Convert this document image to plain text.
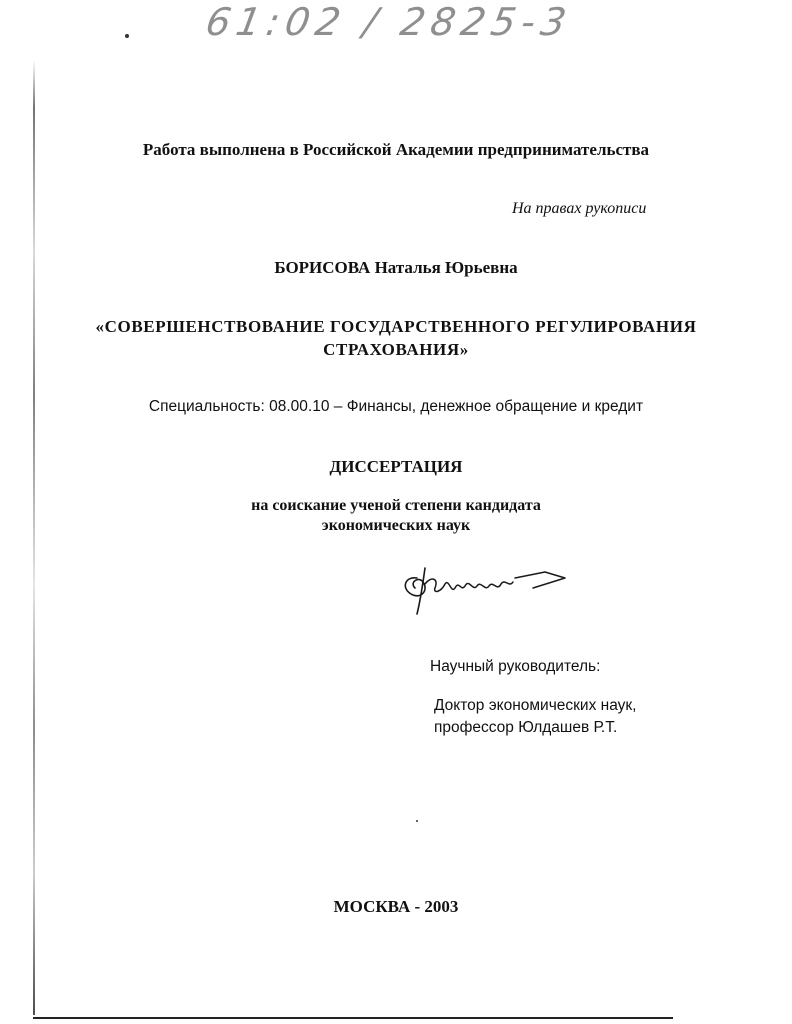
61:02 / 2825-3

Работа выполнена в Российской Академии предпринимательства

На правах рукописи

БОРИСОВА Наталья Юрьевна

«СОВЕРШЕНСТВОВАНИЕ ГОСУДАРСТВЕННОГО РЕГУЛИРОВАНИЯ

СТРАХОВАНИЯ»

Специальность: 08.00.10 – Финансы, денежное обращение и кредит

ДИССЕРТАЦИЯ

на соискание ученой степени кандидата

экономических наук

Научный руководитель:

Доктор экономических наук,

профессор Юлдашев Р.Т.

МОСКВА - 2003
